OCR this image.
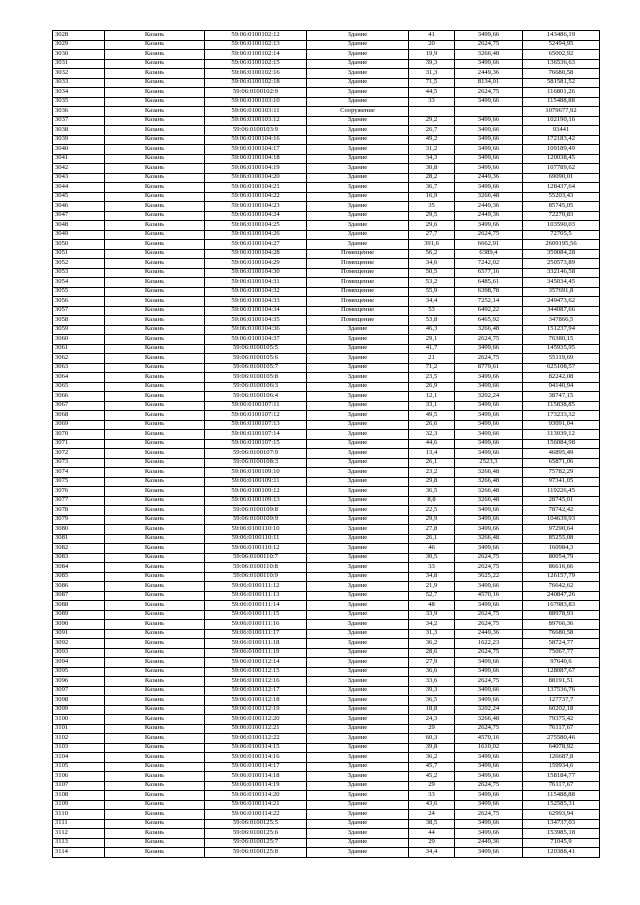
3028	Казань	59:06:0100102:12	Здание	41	3499,66	143486,19
3029	Казань	59:06:0100102:13	Здание	20	2624,75	52494,95
3030	Казань	59:06:0100102:14	Здание	19,9	3266,48	65002,92
3031	Казань	59:06:0100102:15	Здание	39,3	3499,66	136536,63
3032	Казань	59:06:0100102:16	Здание	31,3	2449,36	76680,58
3033	Казань	59:06:0100102:18	Здание	71,5	8134,01	581581,52
3034	Казань	59:06:0100102:9	Здание	44,5	2624,75	116801,26
3035	Казань	59:06:0100103:10	Здание	33	3499,66	115488,88
3036	Казань	59:06:0100103:11	Сооружение			1079677,92
3037	Казань	59:06:0100103:12	Здание	29,2	3499,66	102190,16
3038	Казань	59:06:0100103:9	Здание	26,7	3499,66	93441
3039	Казань	59:06:0100104:16	Здание	49,2	3499,66	172183,42
3040	Казань	59:06:0100104:17	Здание	31,2	3499,66	109189,49
3041	Казань	59:06:0100104:18	Здание	34,3	3499,66	120038,45
3042	Казань	59:06:0100104:19	Здание	30,8	3499,66	107789,62
3043	Казань	59:06:0100104:20	Здание	28,2	2449,36	69090,01
3044	Казань	59:06:0100104:21	Здание	36,7	3499,66	128437,64
3045	Казань	59:06:0100104:22	Здание	16,9	3266,48	55203,43
3046	Казань	59:06:0100104:23	Здание	35	2449,36	85745,05
3047	Казань	59:06:0100104:24	Здание	29,5	2449,36	72270,83
3048	Казань	59:06:0100104:25	Здание	29,6	3499,66	103590,03
3049	Казань	59:06:0100104:26	Здание	27,7	2624,75	72705,5
3050	Казань	59:06:0100104:27	Здание	391,6	6662,91	2609195,56
3051	Казань	59:06:0100104:28	Помещение	56,2	6389,4	359084,28
3052	Казань	59:06:0100104:29	Помещение	34,6	7242,02	250573,89
3053	Казань	59:06:0100104:30	Помещение	50,5	6577,16	332146,58
3054	Казань	59:06:0100104:31	Помещение	53,2	6485,61	345034,45
3055	Казань	59:06:0100104:32	Помещение	55,9	6398,78	357691,8
3056	Казань	59:06:0100104:33	Помещение	34,4	7252,14	249473,62
3057	Казань	59:06:0100104:34	Помещение	53	6492,22	344087,66
3058	Казань	59:06:0100104:35	Помещение	53,8	6465,92	347866,5
3059	Казань	59:06:0100104:36	Здание	46,3	3266,48	151237,94
3060	Казань	59:06:0100104:37	Здание	29,1	2624,75	76380,15
3061	Казань	59:06:0100105:5	Здание	41,7	3499,66	145935,95
3062	Казань	59:06:0100105:6	Здание	21	2624,75	55119,69
3063	Казань	59:06:0100105:7	Здание	71,2	8779,61	625108,57
3064	Казань	59:06:0100105:8	Здание	23,5	3499,66	82242,08
3065	Казань	59:06:0100106:3	Здание	26,9	3499,66	94140,94
3066	Казань	59:06:0100106:4	Здание	12,1	3202,24	38747,15
3067	Казань	59:06:0100107:11	Здание	33,1	3499,66	115838,85
3068	Казань	59:06:0100107:12	Здание	49,5	3499,66	173233,32
3069	Казань	59:06:0100107:13	Здание	26,6	3499,66	93091,04
3070	Казань	59:06:0100107:14	Здание	32,3	3499,66	113039,12
3071	Казань	59:06:0100107:15	Здание	44,6	3499,66	156084,98
3072	Казань	59:06:0100107:9	Здание	13,4	3499,66	46895,49
3073	Казань	59:06:0100108:3	Здание	26,1	2523,3	65871,06
3074	Казань	59:06:0100109:10	Здание	23,2	3266,48	75782,29
3075	Казань	59:06:0100109:11	Здание	29,8	3266,48	97341,05
3076	Казань	59:06:0100109:12	Здание	36,5	3266,48	119226,45
3077	Казань	59:06:0100109:13	Здание	8,8	3266,48	28745,01
3078	Казань	59:06:0100109:8	Здание	22,5	3499,66	78742,42
3079	Казань	59:06:0100109:9	Здание	29,9	3499,66	104639,93
3080	Казань	59:06:0100110:10	Здание	27,8	3499,66	97290,64
3081	Казань	59:06:0100110:11	Здание	26,1	3266,48	85255,08
3082	Казань	59:06:0100110:12	Здание	46	3499,66	160984,3
3083	Казань	59:06:0100110:7	Здание	30,5	2624,75	80054,79
3084	Казань	59:06:0100110:8	Здание	33	2624,75	86616,66
3085	Казань	59:06:0100110:9	Здание	34,8	3625,22	126157,79
3086	Казань	59:06:0100111:12	Здание	21,9	3499,66	76642,62
3087	Казань	59:06:0100111:13	Здание	52,7	4570,16	240847,26
3088	Казань	59:06:0100111:14	Здание	48	3499,66	167983,83
3089	Казань	59:06:0100111:15	Здание	33,9	2624,75	88978,93
3090	Казань	59:06:0100111:16	Здание	34,2	2624,75	89766,36
3091	Казань	59:06:0100111:17	Здание	31,3	2449,36	76680,58
3092	Казань	59:06:0100111:18	Здание	36,2	1622,23	58724,77
3093	Казань	59:06:0100111:19	Здание	28,6	2624,75	75067,77
3094	Казань	59:06:0100112:14	Здание	27,9	3499,66	97640,6
3095	Казань	59:06:0100112:15	Здание	36,6	3499,66	128087,67
3096	Казань	59:06:0100112:16	Здание	33,6	2624,75	88191,51
3097	Казань	59:06:0100112:17	Здание	39,3	3499,66	137536,76
3098	Казань	59:06:0100112:18	Здание	36,5	3499,66	127737,7
3099	Казань	59:06:0100112:19	Здание	18,8	3202,24	60202,18
3100	Казань	59:06:0100112:20	Здание	24,3	3266,48	79375,42
3101	Казань	59:06:0100112:21	Здание	29	2624,75	76117,67
3102	Казань	59:06:0100112:22	Здание	60,3	4570,16	275580,46
3103	Казань	59:06:0100114:15	Здание	39,8	1610,02	64078,92
3104	Казань	59:06:0100114:16	Здание	36,2	3499,66	126687,8
3105	Казань	59:06:0100114:17	Здание	45,7	3499,66	159934,6
3106	Казань	59:06:0100114:18	Здание	45,2	3499,66	158184,77
3107	Казань	59:06:0100114:19	Здание	29	2624,75	76117,67
3108	Казань	59:06:0100114:20	Здание	33	3499,66	115488,88
3109	Казань	59:06:0100114:21	Здание	43,6	3499,66	152585,31
3110	Казань	59:06:0100114:22	Здание	24	2624,75	62993,94
3111	Казань	59:06:0100125:5	Здание	38,5	3499,66	134737,03
3112	Казань	59:06:0100125:6	Здание	44	3499,66	153985,18
3113	Казань	59:06:0100125:7	Здание	29	2449,36	71045,9
3114	Казань	59:06:0100125:8	Здание	34,4	3499,66	120388,41
